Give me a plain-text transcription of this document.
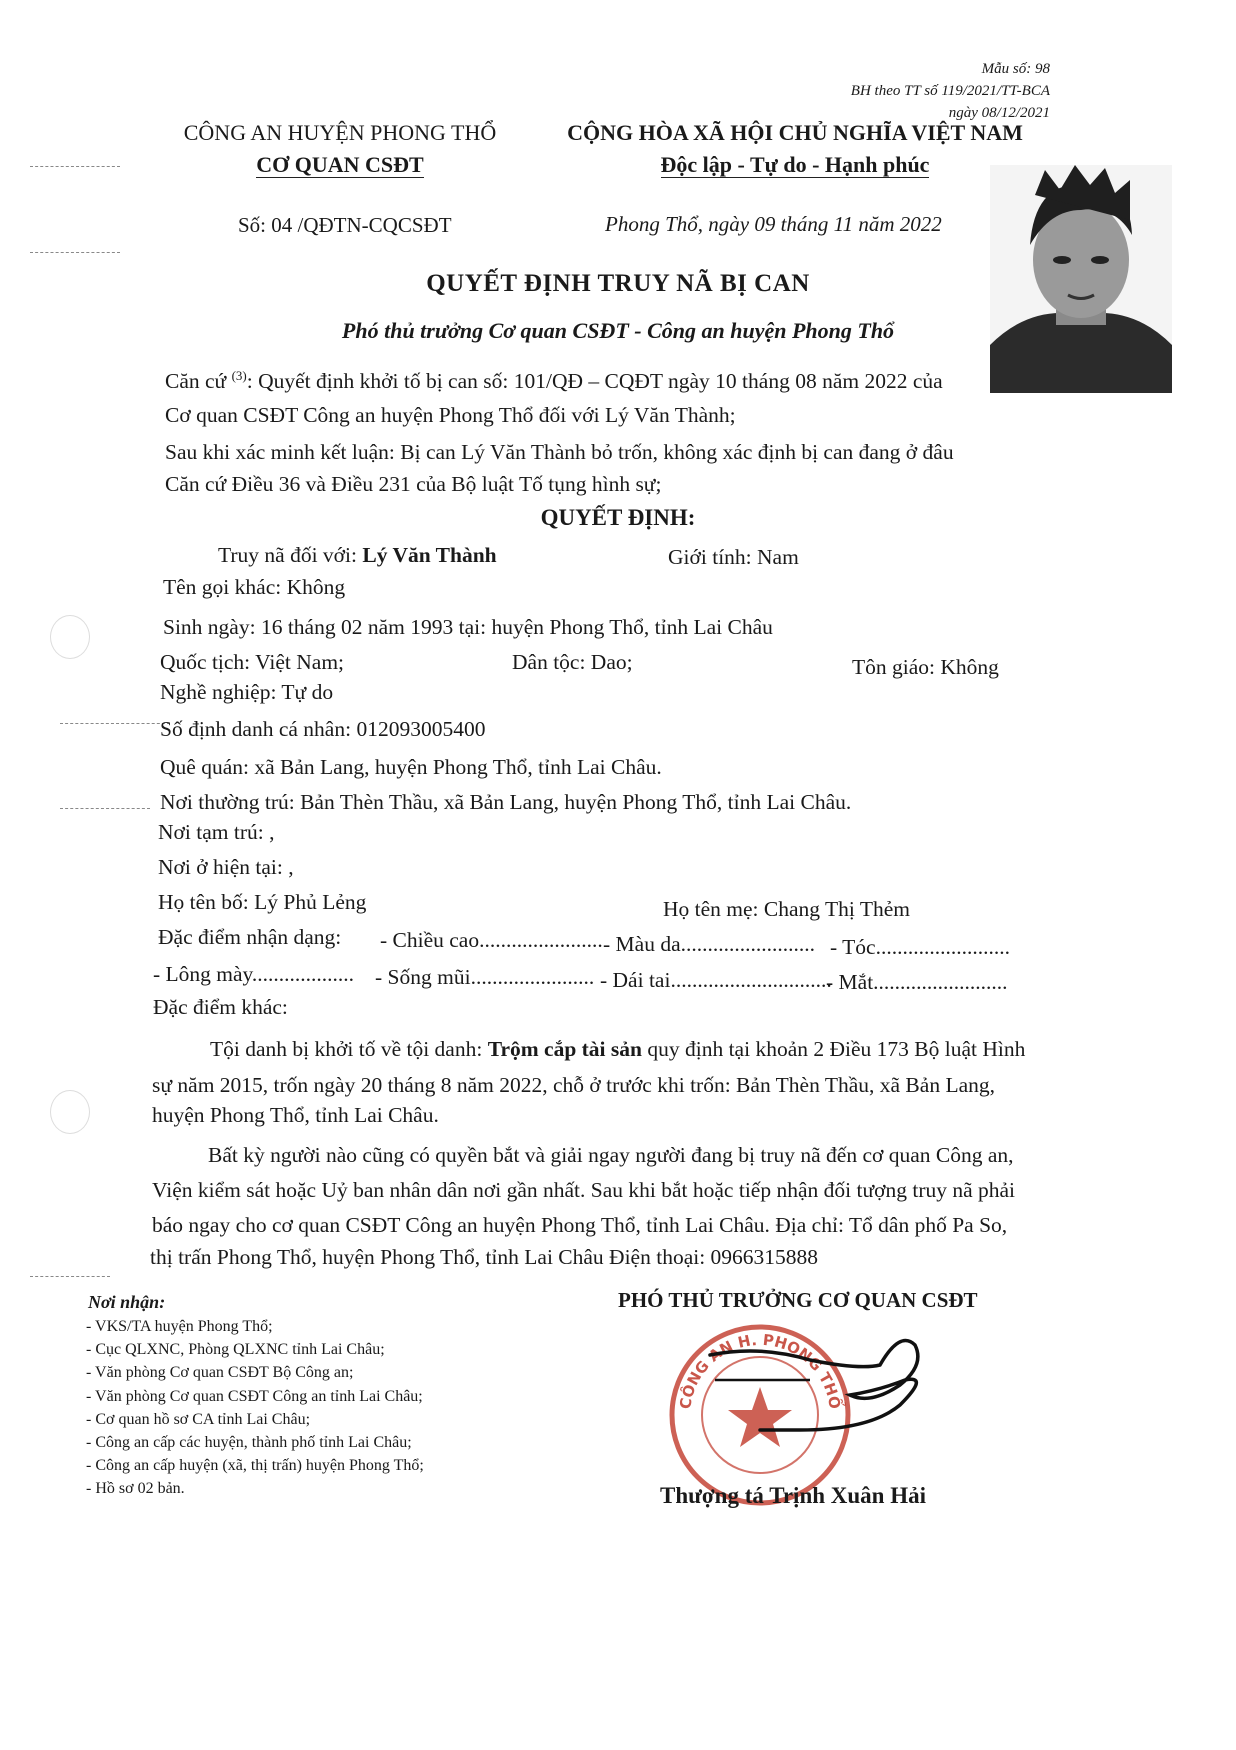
Mẫu số: 98
BH theo TT số 119/2021/TT-BCA
ngày 08/12/2021
CÔNG AN HUYỆN PHONG THỔ
CƠ QUAN CSĐT
CỘNG HÒA XÃ HỘI CHỦ NGHĨA VIỆT NAM
Độc lập - Tự do - Hạnh phúc
Số: 04 /QĐTN-CQCSĐT	Phong Thổ, ngày 09 tháng 11 năm 2022
QUYẾT ĐỊNH TRUY NÃ BỊ CAN
Phó thủ trưởng Cơ quan CSĐT - Công an huyện Phong Thổ
Căn cứ $^{(3)}$: Quyết định khởi tố bị can số: 101/QĐ – CQĐT ngày 10 tháng 08 năm 2022 của
Cơ quan CSĐT Công an huyện Phong Thổ đối với Lý Văn Thành;
Sau khi xác minh kết luận: Bị can Lý Văn Thành bỏ trốn, không xác định bị can đang ở đâu
Căn cứ Điều 36 và Điều 231 của Bộ luật Tố tụng hình sự;
QUYẾT ĐỊNH:
Truy nã đối với: Lý Văn Thành	Giới tính: Nam
Tên gọi khác: Không
Sinh ngày: 16 tháng 02 năm 1993 tại: huyện Phong Thổ, tỉnh Lai Châu
Quốc tịch: Việt Nam;	Dân tộc: Dao;	Tôn giáo: Không
Nghề nghiệp: Tự do
Số định danh cá nhân: 012093005400
Quê quán: xã Bản Lang, huyện Phong Thổ, tỉnh Lai Châu.
Nơi thường trú: Bản Thèn Thầu, xã Bản Lang, huyện Phong Thổ, tỉnh Lai Châu.
Nơi tạm trú: ,
Nơi ở hiện tại: ,
Họ tên bố: Lý Phủ Lẻng	Họ tên mẹ: Chang Thị Thẻm
Đặc điểm nhận dạng: - Chiều cao....................... - Màu da......................... - Tóc.........................
- Lông mày................... - Sống mũi....................... - Dái tai..............................
- Mắt.........................
Đặc điểm khác:
Tội danh bị khởi tố về tội danh: Trộm cắp tài sản quy định tại khoản 2 Điều 173 Bộ luật Hình
sự năm 2015, trốn ngày 20 tháng 8 năm 2022, chỗ ở trước khi trốn: Bản Thèn Thầu, xã Bản Lang,
huyện Phong Thổ, tỉnh Lai Châu.
Bất kỳ người nào cũng có quyền bắt và giải ngay người đang bị truy nã đến cơ quan Công an,
Viện kiểm sát hoặc Uỷ ban nhân dân nơi gần nhất. Sau khi bắt hoặc tiếp nhận đối tượng truy nã phải
báo ngay cho cơ quan CSĐT Công an huyện Phong Thổ, tỉnh Lai Châu. Địa chỉ: Tổ dân phố Pa So,
thị trấn Phong Thổ, huyện Phong Thổ, tỉnh Lai Châu Điện thoại: 0966315888
Nơi nhận:
- VKS/TA huyện Phong Thổ;
- Cục QLXNC, Phòng QLXNC tỉnh Lai Châu;
- Văn phòng Cơ quan CSĐT Bộ Công an;
- Văn phòng Cơ quan CSĐT Công an tỉnh Lai Châu;
- Cơ quan hồ sơ CA tỉnh Lai Châu;
- Công an cấp các huyện, thành phố tỉnh Lai Châu;
- Công an cấp huyện (xã, thị trấn) huyện Phong Thổ;
- Hồ sơ 02 bản.
PHÓ THỦ TRƯỞNG CƠ QUAN CSĐT
CÔNG AN H. PHONG THỔ
Thượng tá Trịnh Xuân Hải
